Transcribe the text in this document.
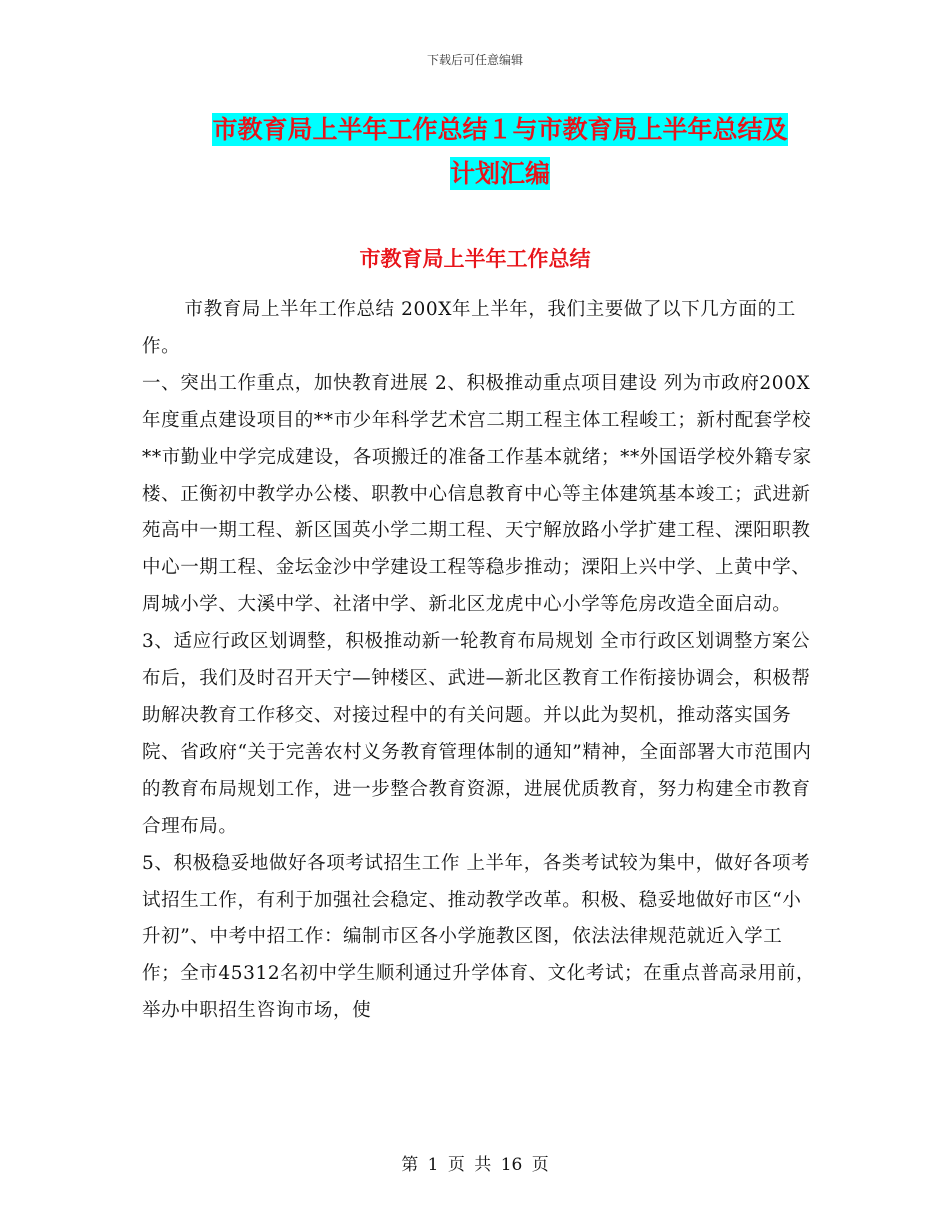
下载后可任意编辑
市教育局上半年工作总结１与市教育局上半年总结及
计划汇编
市教育局上半年工作总结

市教育局上半年工作总结 200X年上半年，我们主要做了以下几方面的工作。

一、突出工作重点，加快教育进展 2、积极推动重点项目建设 列为市政府200X年度重点建设项目的**市少年科学艺术宫二期工程主体工程峻工；新村配套学校**市勤业中学完成建设，各项搬迁的准备工作基本就绪；**外国语学校外籍专家楼、正衡初中教学办公楼、职教中心信息教育中心等主体建筑基本竣工；武进新苑高中一期工程、新区国英小学二期工程、天宁解放路小学扩建工程、溧阳职教中心一期工程、金坛金沙中学建设工程等稳步推动；溧阳上兴中学、上黄中学、周城小学、大溪中学、社渚中学、新北区龙虎中心小学等危房改造全面启动。

3、适应行政区划调整，积极推动新一轮教育布局规划 全市行政区划调整方案公布后，我们及时召开天宁—钟楼区、武进—新北区教育工作衔接协调会，积极帮助解决教育工作移交、对接过程中的有关问题。并以此为契机，推动落实国务院、省政府“关于完善农村义务教育管理体制的通知”精神，全面部署大市范围内的教育布局规划工作，进一步整合教育资源，进展优质教育，努力构建全市教育合理布局。

5、积极稳妥地做好各项考试招生工作 上半年，各类考试较为集中，做好各项考试招生工作，有利于加强社会稳定、推动教学改革。积极、稳妥地做好市区“小升初”、中考中招工作：编制市区各小学施教区图，依法法律规范就近入学工作；全市45312名初中学生顺利通过升学体育、文化考试；在重点普高录用前，举办中职招生咨询市场，使

第 1 页 共 16 页
